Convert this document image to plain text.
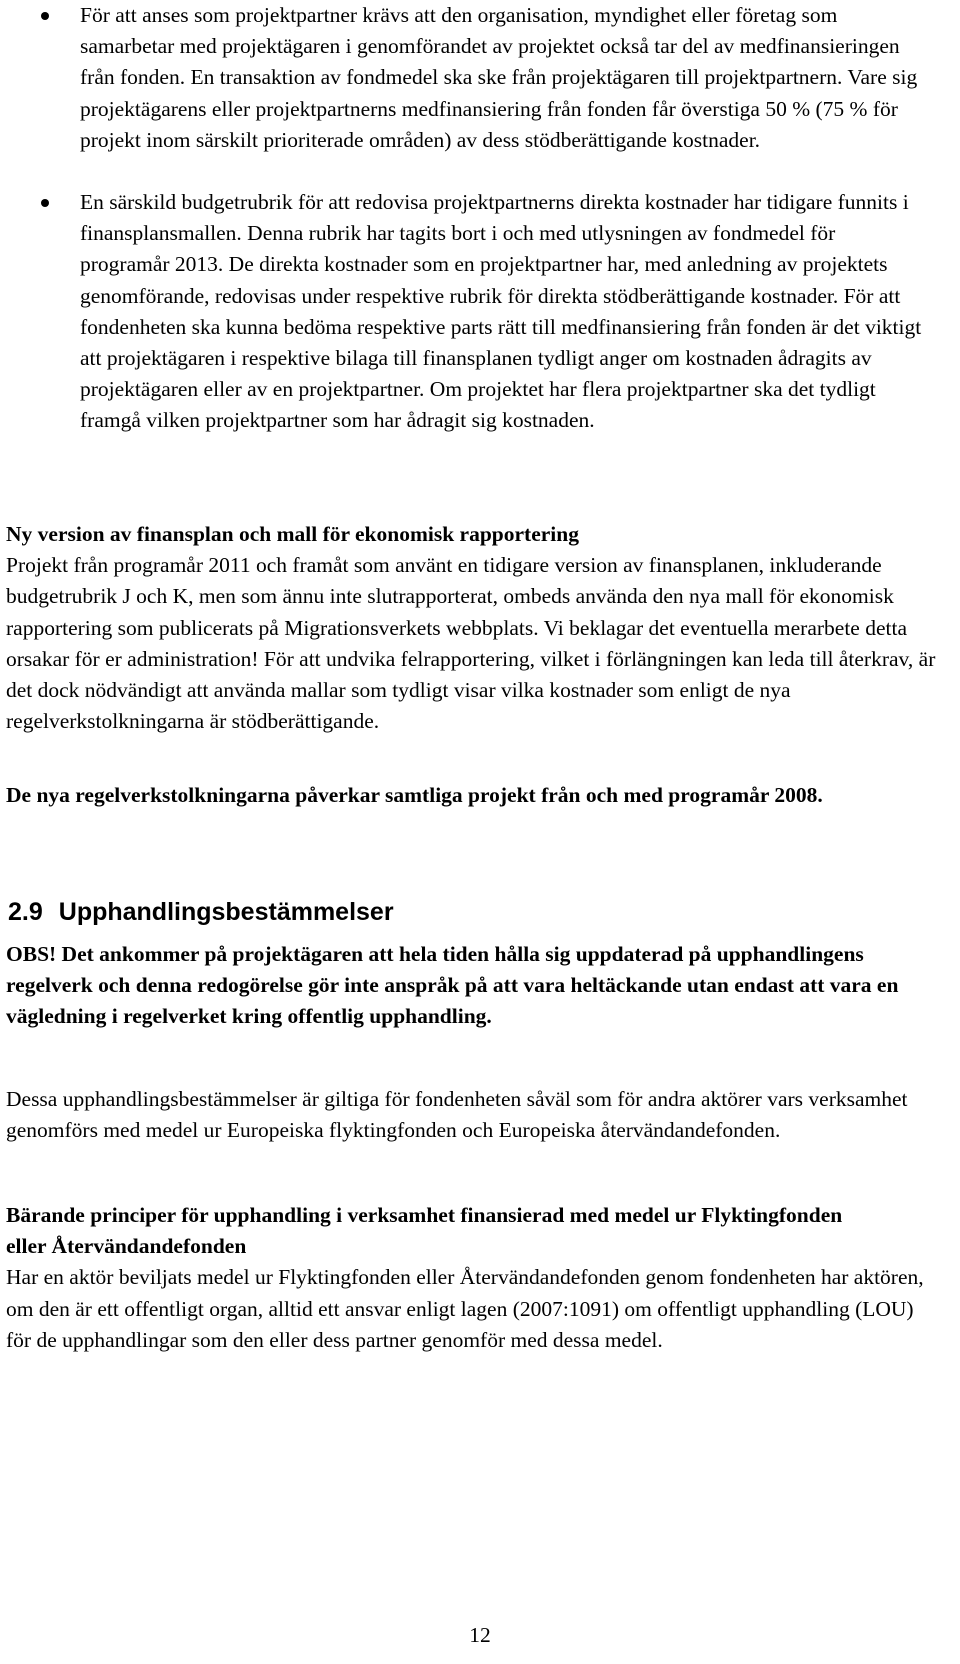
För att anses som projektpartner krävs att den organisation, myndighet eller företag som samarbetar med projektägaren i genomförandet av projektet också tar del av medfinansieringen från fonden. En transaktion av fondmedel ska ske från projektägaren till projektpartnern. Vare sig projektägarens eller projektpartnerns medfinansiering från fonden får överstiga 50 % (75 % för projekt inom särskilt prioriterade områden) av dess stödberättigande kostnader.
En särskild budgetrubrik för att redovisa projektpartnerns direkta kostnader har tidigare funnits i finansplansmallen. Denna rubrik har tagits bort i och med utlysningen av fondmedel för programår 2013. De direkta kostnader som en projektpartner har, med anledning av projektets genomförande, redovisas under respektive rubrik för direkta stödberättigande kostnader. För att fondenheten ska kunna bedöma respektive parts rätt till medfinansiering från fonden är det viktigt att projektägaren i respektive bilaga till finansplanen tydligt anger om kostnaden ådragits av projektägaren eller av en projektpartner. Om projektet har flera projektpartner ska det tydligt framgå vilken projektpartner som har ådragit sig kostnaden.
Ny version av finansplan och mall för ekonomisk rapportering
Projekt från programår 2011 och framåt som använt en tidigare version av finansplanen, inkluderande budgetrubrik J och K, men som ännu inte slutrapporterat, ombeds använda den nya mall för ekonomisk rapportering som publicerats på Migrationsverkets webbplats. Vi beklagar det eventuella merarbete detta orsakar för er administration! För att undvika felrapportering, vilket i förlängningen kan leda till återkrav, är det dock nödvändigt att använda mallar som tydligt visar vilka kostnader som enligt de nya regelverkstolkningarna är stödberättigande.
De nya regelverkstolkningarna påverkar samtliga projekt från och med programår 2008.
2.9 Upphandlingsbestämmelser
OBS! Det ankommer på projektägaren att hela tiden hålla sig uppdaterad på upphandlingens regelverk och denna redogörelse gör inte anspråk på att vara heltäckande utan endast att vara en vägledning i regelverket kring offentlig upphandling.
Dessa upphandlingsbestämmelser är giltiga för fondenheten såväl som för andra aktörer vars verksamhet genomförs med medel ur Europeiska flyktingfonden och Europeiska återvändandefonden.
Bärande principer för upphandling i verksamhet finansierad med medel ur Flyktingfonden eller Återvändandefonden
Har en aktör beviljats medel ur Flyktingfonden eller Återvändandefonden genom fondenheten har aktören, om den är ett offentligt organ, alltid ett ansvar enligt lagen (2007:1091) om offentligt upphandling (LOU) för de upphandlingar som den eller dess partner genomför med dessa medel.
12
